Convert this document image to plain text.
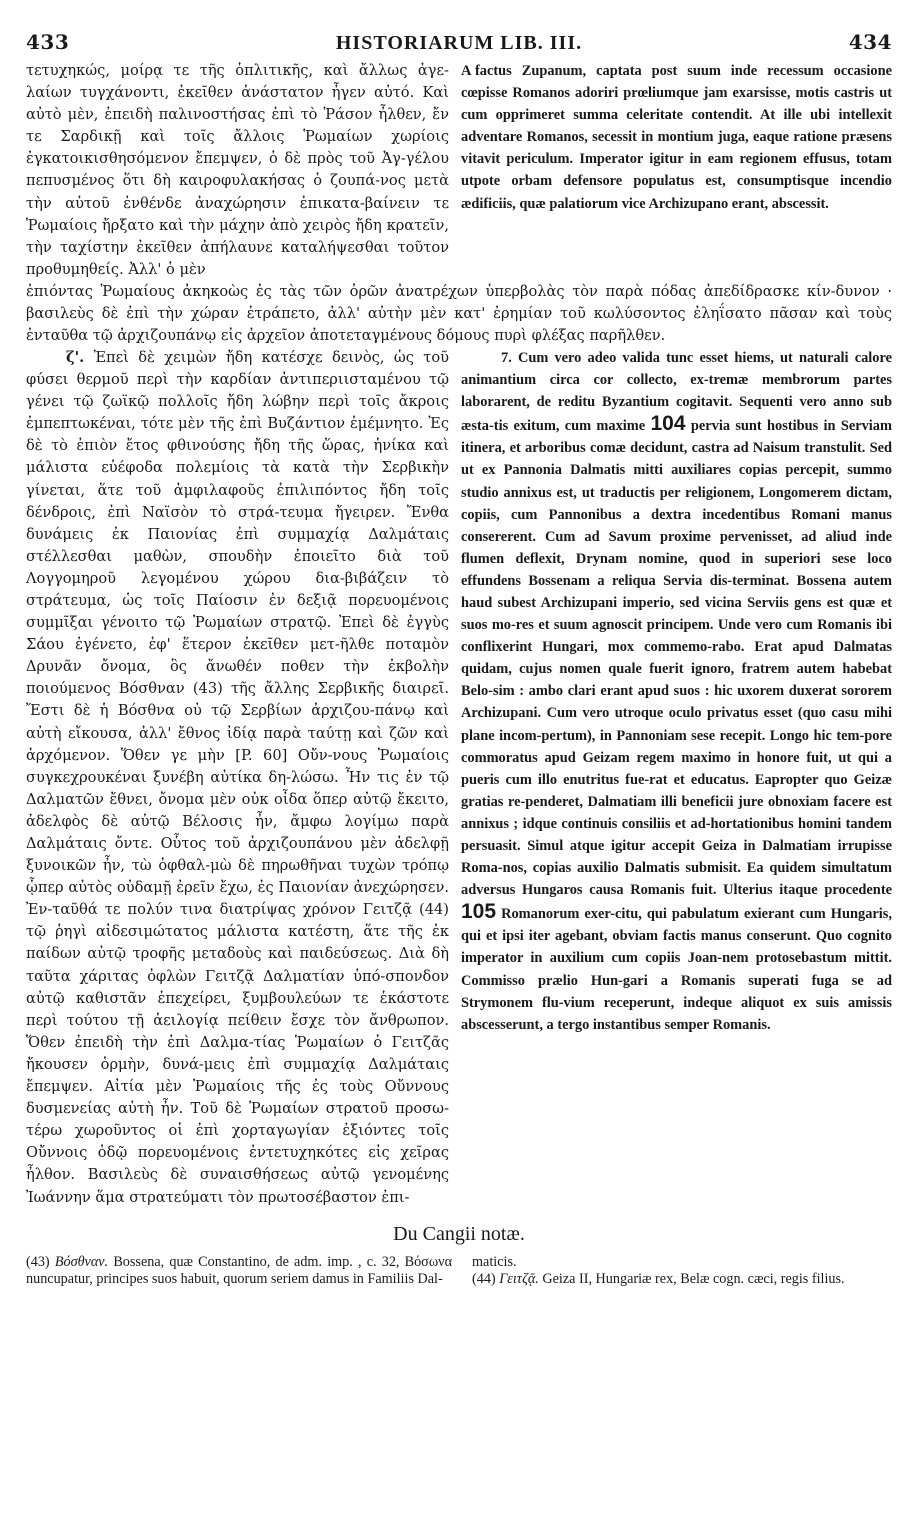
433	HISTORIARUM LIB. III.	434

τετυχηκώς, μοίρᾳ τε τῆς ὁπλιτικῆς, καὶ ἄλλως ἀγε-λαίων τυγχάνοντι, ἐκεῖθεν ἀνάστατον ἦγεν αὐτό. Καὶ αὐτὸ μὲν, ἐπειδὴ παλινοστήσας ἐπὶ τὸ Ῥάσον ἦλθεν, ἔν τε Σαρδικῇ καὶ τοῖς ἄλλοις Ῥωμαίων χωρίοις ἐγκατοικισθησόμενον ἔπεμψεν, ὁ δὲ πρὸς τοῦ Ἀγ-γέλου πεπυσμένος ὅτι δὴ καιροφυλακήσας ὁ ζουπά-νος μετὰ τὴν αὐτοῦ ἐνθένδε ἀναχώρησιν ἐπικατα-βαίνειν τε Ῥωμαίοις ἤρξατο καὶ τὴν μάχην ἀπὸ χειρὸς ἤδη κρατεῖν, τὴν ταχίστην ἐκεῖθεν ἀπήλαυνε καταλήψεσθαι τοῦτον προθυμηθείς. Ἀλλ' ὁ μὲν

A factus Zupanum, captata post suum inde recessum occasione cœpisse Romanos adoriri prœliumque jam exarsisse, motis castris ut cum opprimeret summa celeritate contendit. At ille ubi intellexit adventare Romanos, secessit in montium juga, eaque ratione præsens vitavit periculum. Imperator igitur in eam regionem effusus, totam utpote orbam defensore populatus est, consumptisque incendio ædificiis, quæ palatiorum vice Archizupano erant, abscessit.

ἐπιόντας Ῥωμαίους ἀκηκοὼς ἐς τὰς τῶν ὀρῶν ἀνατρέχων ὑπερβολὰς τὸν παρὰ πόδας ἀπεδίδρασκε κίν-δυνον · βασιλεὺς δὲ ἐπὶ τὴν χώραν ἐτράπετο, ἀλλ' αὐτὴν μὲν κατ' ἐρημίαν τοῦ κωλύσοντος ἐληΐσατο πᾶσαν καὶ τοὺς ἐνταῦθα τῷ ἀρχιζουπάνῳ εἰς ἀρχεῖον ἀποτεταγμένους δόμους πυρὶ φλέξας παρῆλθεν.

ζ'. Ἐπεὶ δὲ χειμὼν ἤδη κατέσχε δεινὸς, ὡς τοῦ φύσει θερμοῦ περὶ τὴν καρδίαν ἀντιπεριισταμένου τῷ γένει τῷ ζωϊκῷ πολλοῖς ἤδη λώβην περὶ τοῖς ἄκροις ἐμπεπτωκέναι, τότε μὲν τῆς ἐπὶ Βυζάντιον ἐμέμνητο. Ἐς δὲ τὸ ἐπιὸν ἔτος φθινούσης ἤδη τῆς ὥρας, ἡνίκα καὶ μάλιστα εὐέφοδα πολεμίοις τὰ κατὰ τὴν Σερβικὴν γίνεται, ἅτε τοῦ ἀμφιλαφοῦς ἐπιλιπόντος ἤδη τοῖς δένδροις, ἐπὶ Ναϊσὸν τὸ στρά-τευμα ἤγειρεν. Ἔνθα δυνάμεις ἐκ Παιονίας ἐπὶ συμμαχίᾳ Δαλμάταις στέλλεσθαι μαθὼν, σπουδὴν ἐποιεῖτο διὰ τοῦ Λογγομηροῦ λεγομένου χώρου δια-βιβάζειν τὸ στράτευμα, ὡς τοῖς Παίοσιν ἐν δεξιᾷ πορευομένοις συμμῖξαι γένοιτο τῷ Ῥωμαίων στρατῷ. Ἐπεὶ δὲ ἐγγὺς Σάου ἐγένετο, ἐφ' ἕτερον ἐκεῖθεν μετ-ῆλθε ποταμὸν Δρυνᾶν ὄνομα, ὃς ἄνωθέν ποθεν τὴν ἐκβολὴν ποιούμενος Βόσθναν (43) τῆς ἄλλης Σερβικῆς διαιρεῖ. Ἔστι δὲ ἡ Βόσθνα οὐ τῷ Σερβίων ἀρχιζου-πάνῳ καὶ αὐτὴ εἴκουσα, ἀλλ' ἔθνος ἰδίᾳ παρὰ ταύτῃ καὶ ζῶν καὶ ἀρχόμενον. Ὅθεν γε μὴν [P. 60] Οὔν-νους Ῥωμαίοις συγκεχρουκέναι ξυνέβη αὐτίκα δη-λώσω. Ἦν τις ἐν τῷ Δαλματῶν ἔθνει, ὄνομα μὲν οὐκ οἶδα ὅπερ αὐτῷ ἔκειτο, ἀδελφὸς δὲ αὐτῷ Βέλοσις ἦν, ἄμφω λογίμω παρὰ Δαλμάταις ὄντε. Οὗτος τοῦ ἀρχιζουπάνου μὲν ἀδελφῇ ξυνοικῶν ἦν, τὼ ὀφθαλ-μὼ δὲ πηρωθῆναι τυχὼν τρόπῳ ᾧπερ αὐτὸς οὐδαμῇ ἐρεῖν ἔχω, ἐς Παιονίαν ἀνεχώρησεν. Ἐν-ταῦθά τε πολύν τινα διατρίψας χρόνον Γειτζᾷ (44) τῷ ῥηγὶ αἰδεσιμώτατος μάλιστα κατέστη, ἅτε τῆς ἐκ παίδων αὐτῷ τροφῆς μεταδοὺς καὶ παιδεύσεως. Διὰ δὴ ταῦτα χάριτας ὀφλὼν Γειτζᾷ Δαλματίαν ὑπό-σπονδον αὐτῷ καθιστᾶν ἐπεχείρει, ξυμβουλεύων τε ἑκάστοτε περὶ τούτου τῇ ἀειλογίᾳ πείθειν ἔσχε τὸν ἄνθρωπον. Ὅθεν ἐπειδὴ τὴν ἐπὶ Δαλμα-τίας Ῥωμαίων ὁ Γειτζᾶς ἤκουσεν ὁρμὴν, δυνά-μεις ἐπὶ συμμαχίᾳ Δαλμάταις ἔπεμψεν. Αἰτία μὲν Ῥωμαίοις τῆς ἐς τοὺς Οὔννους δυσμενείας αὐτὴ ἦν. Τοῦ δὲ Ῥωμαίων στρατοῦ προσω-τέρω χωροῦντος οἱ ἐπὶ χορταγωγίαν ἐξιόντες τοῖς Οὔννοις ὁδῷ πορευομένοις ἐντετυχηκότες εἰς χεῖρας ἦλθον. Βασιλεὺς δὲ συναισθήσεως αὐτῷ γενομένης Ἰωάννην ἅμα στρατεύματι τὸν πρωτοσέβαστον ἐπι-

7. Cum vero adeo valida tunc esset hiems, ut naturali calore animantium circa cor collecto, ex-tremæ membrorum partes laborarent, de reditu Byzantium cogitavit. Sequenti vero anno sub æsta-tis exitum, cum maxime 104 pervia sunt hostibus in Serviam itinera, et arboribus comæ decidunt, castra ad Naisum transtulit. Sed ut ex Pannonia Dalmatis mitti auxiliares copias percepit, summo studio annixus est, ut traductis per religionem, Longomerem dictam, copiis, cum Pannonibus a dextra incedentibus Romani manus consererent. Cum ad Savum proxime pervenisset, ad aliud inde flumen deflexit, Drynam nomine, quod in superiori sese loco effundens Bossenam a reliqua Servia dis-terminat. Bossena autem haud subest Archizupani imperio, sed vicina Serviis gens est quæ et suos mo-res et suum agnoscit principem. Unde vero cum Romanis ibi conflixerint Hungari, mox commemo-rabo. Erat apud Dalmatas quidam, cujus nomen quale fuerit ignoro, fratrem autem habebat Belo-sim : ambo clari erant apud suos : hic uxorem duxerat sororem Archizupani. Cum vero utroque oculo privatus esset (quo casu mihi plane incom-pertum), in Pannoniam sese recepit. Longo hic tem-pore commoratus apud Geizam regem maximo in honore fuit, ut qui a pueris cum illo enutritus fue-rat et educatus. Eapropter quo Geizæ gratias re-penderet, Dalmatiam illi beneficii jure obnoxiam facere est annixus ; idque continuis consiliis et ad-hortationibus homini tandem persuasit. Simul atque igitur accepit Geiza in Dalmatiam irrupisse Roma-nos, copias auxilio Dalmatis submisit. Ea quidem simultatum adversus Hungaros causa Romanis fuit. Ulterius itaque procedente 105 Romanorum exer-citu, qui pabulatum exierant cum Hungaris, qui et ipsi iter agebant, obviam factis manus conserunt. Quo cognito imperator in auxilium cum copiis Joan-nem protosebastum mittit. Commisso prælio Hun-gari a Romanis superati fuga se ad Strymonem flu-vium receperunt, indeque aliquot ex suis amissis abscesserunt, a tergo instantibus semper Romanis.

Du Cangii notæ.
(43) Βόσθναν. Bossena, quæ Constantino, de adm. imp. , c. 32, Βόσωνα nuncupatur, principes suos habuit, quorum seriem damus in Familiis Dal-
maticis.
(44) Γειτζᾷ. Geiza II, Hungariæ rex, Belæ cogn. cæci, regis filius.
